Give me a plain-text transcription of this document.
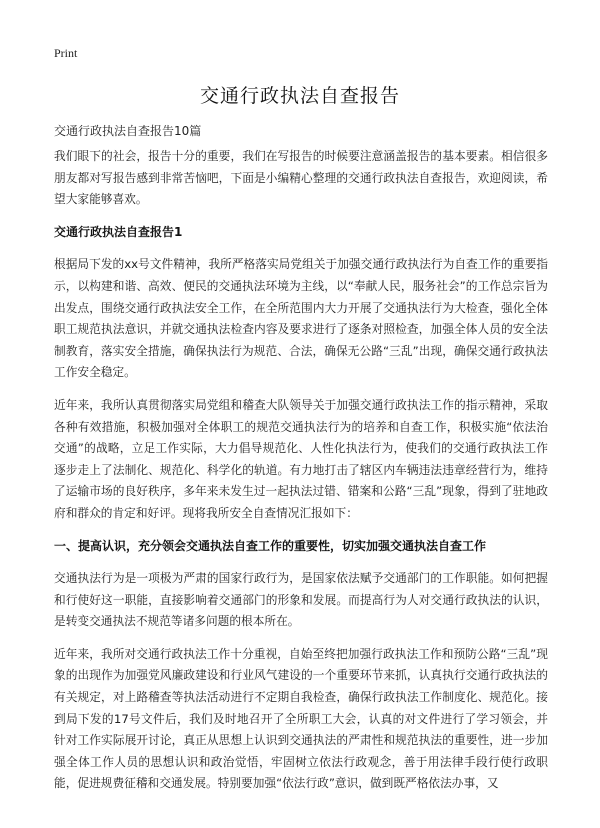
Print
交通行政执法自查报告
交通行政执法自查报告10篇

我们眼下的社会，报告十分的重要，我们在写报告的时候要注意涵盖报告的基本要素。相信很多朋友都对写报告感到非常苦恼吧，下面是小编精心整理的交通行政执法自查报告，欢迎阅读，希望大家能够喜欢。

交通行政执法自查报告1

根据局下发的xx号文件精神，我所严格落实局党组关于加强交通行政执法行为自查工作的重要指示，以构建和谐、高效、便民的交通执法环境为主线，以“奉献人民，服务社会”的工作总宗旨为出发点，围绕交通行政执法安全工作，在全所范围内大力开展了交通执法行为大检查，强化全体职工规范执法意识，并就交通执法检查内容及要求进行了逐条对照检查，加强全体人员的安全法制教育，落实安全措施，确保执法行为规范、合法，确保无公路“三乱”出现，确保交通行政执法工作安全稳定。

近年来，我所认真贯彻落实局党组和稽查大队领导关于加强交通行政执法工作的指示精神，采取各种有效措施，积极加强对全体职工的规范交通执法行为的培养和自查工作，积极实施“依法治交通”的战略，立足工作实际，大力倡导规范化、人性化执法行为，使我们的交通行政执法工作逐步走上了法制化、规范化、科学化的轨道。有力地打击了辖区内车辆违法违章经营行为，维持了运输市场的良好秩序，多年来未发生过一起执法过错、错案和公路“三乱”现象，得到了驻地政府和群众的肯定和好评。现将我所安全自查情况汇报如下：

一、提高认识，充分领会交通执法自查工作的重要性，切实加强交通执法自查工作

交通执法行为是一项极为严肃的国家行政行为，是国家依法赋予交通部门的工作职能。如何把握和行使好这一职能，直接影响着交通部门的形象和发展。而提高行为人对交通行政执法的认识，是转变交通执法不规范等诸多问题的根本所在。

近年来，我所对交通行政执法工作十分重视，自始至终把加强行政执法工作和预防公路“三乱”现象的出现作为加强党风廉政建设和行业风气建设的一个重要环节来抓，认真执行交通行政执法的有关规定，对上路稽查等执法活动进行不定期自我检查，确保行政执法工作制度化、规范化。接到局下发的17号文件后，我们及时地召开了全所职工大会，认真的对文件进行了学习领会，并针对工作实际展开讨论，真正从思想上认识到交通执法的严肃性和规范执法的重要性，进一步加强全体工作人员的思想认识和政治觉悟，牢固树立依法行政观念，善于用法律手段行使行政职能，促进规费征稽和交通发展。特别要加强“依法行政”意识，做到既严格依法办事，又
